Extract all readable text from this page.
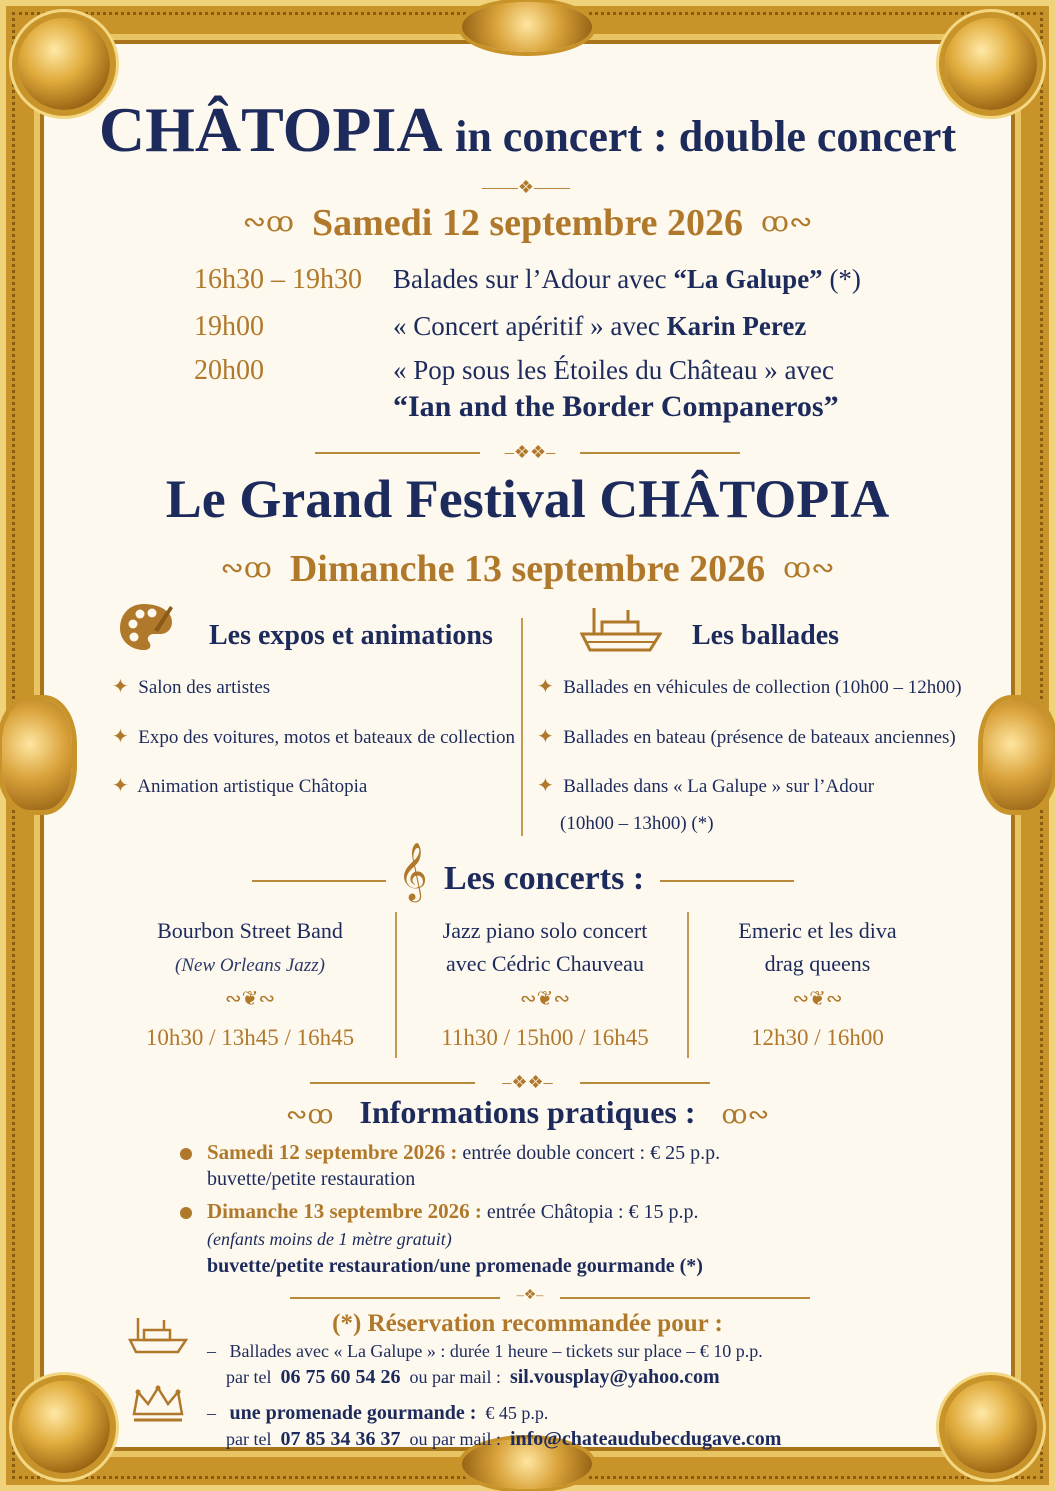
CHÂTOPIA in concert : double concert
——❖——
∾ꝏ Samedi 12 septembre 2026 ꝏ∾
16h30 – 19h30 Balades sur l’Adour avec “La Galupe” (*)
19h00	« Concert apéritif » avec Karin Perez
20h00	« Pop sous les Étoiles du Château » avec
“Ian and the Border Companeros”
–❖❖–
Le Grand Festival CHÂTOPIA
∾ꝏ Dimanche 13 septembre 2026 ꝏ∾
Les expos et animations
✦ Salon des artistes
✦ Expo des voitures, motos et bateaux de collection
✦ Animation artistique Châtopia
Les ballades
✦ Ballades en véhicules de collection (10h00 – 12h00)
✦ Ballades en bateau (présence de bateaux anciennes)
✦ Ballades dans « La Galupe » sur l’Adour
(10h00 – 13h00) (*)
𝄞 Les concerts :
Bourbon Street Band
(New Orleans Jazz)
∾❦∾
10h30 / 13h45 / 16h45
Jazz piano solo concert
avec Cédric Chauveau
∾❦∾
11h30 / 15h00 / 16h45
Emeric et les diva
drag queens
∾❦∾
12h30 / 16h00
–❖❖–
∾ꝏ Informations pratiques : ꝏ∾
Samedi 12 septembre 2026 : entrée double concert : € 25 p.p.
buvette/petite restauration
Dimanche 13 septembre 2026 : entrée Châtopia : € 15 p.p.
(enfants moins de 1 mètre gratuit)
buvette/petite restauration/une promenade gourmande (*)
–❖–
(*) Réservation recommandée pour :
–   Ballades avec « La Galupe » : durée 1 heure – tickets sur place – € 10 p.p.
par tel 06 75 60 54 26 ou par mail : sil.vousplay@yahoo.com
–   une promenade gourmande : € 45 p.p.
par tel 07 85 34 36 37 ou par mail : info@chateaudubecdugave.com
